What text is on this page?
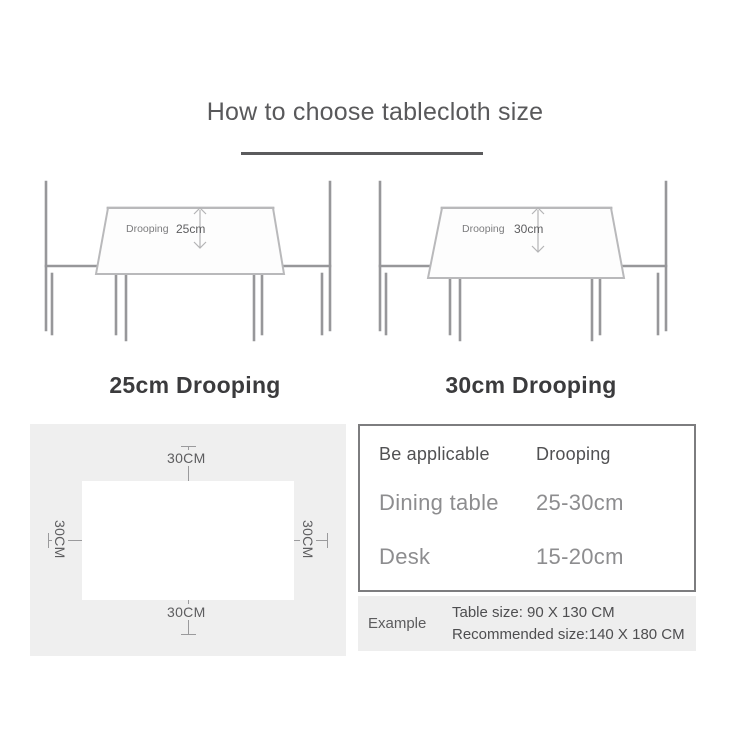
How to choose tablecloth size
Drooping 25cm
25cm Drooping
Drooping 30cm
30cm Drooping
30CM
30CM
30CM	30CM
Be applicable	Drooping
Dining table	25-30cm
Desk	15-20cm
Example
Table size: 90 X 130 CM
Recommended size:140 X 180 CM
